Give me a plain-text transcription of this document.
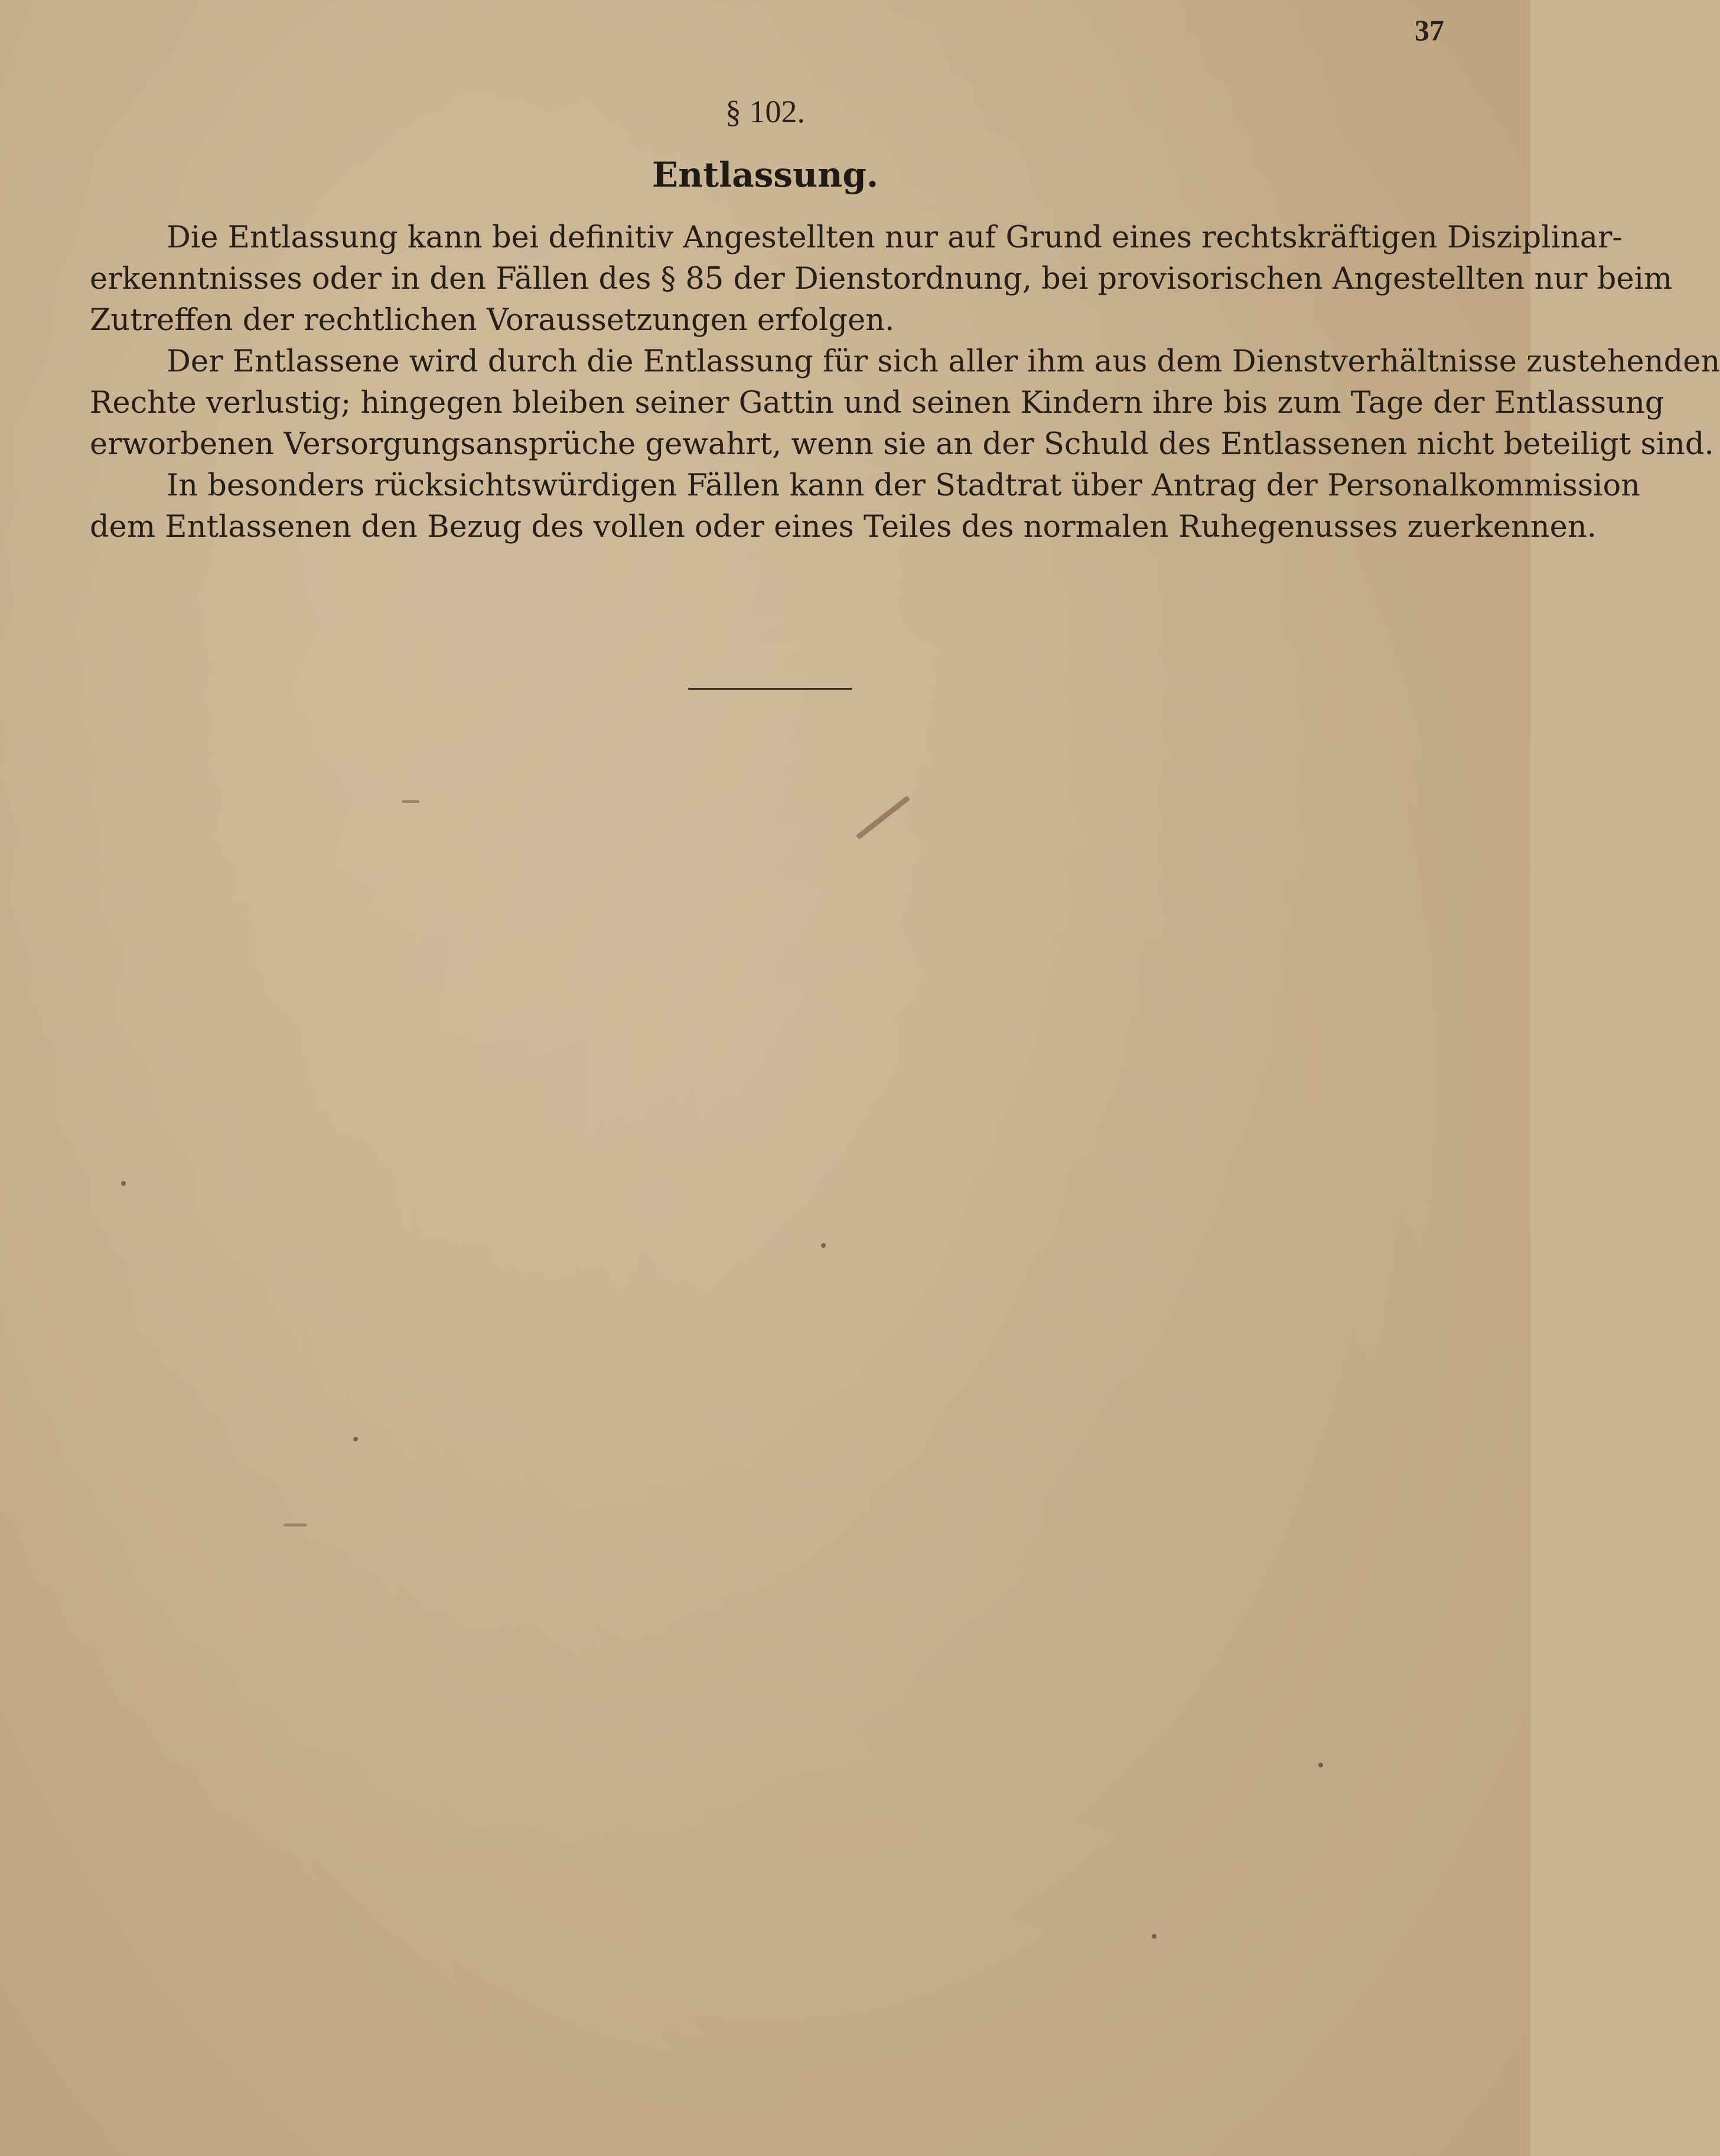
37
§ 102.
Entlassung.
Die Entlassung kann bei definitiv Angestellten nur auf Grund eines rechtskräftigen Disziplinar-
erkenntnisses oder in den Fällen des § 85 der Dienstordnung, bei provisorischen Angestellten nur beim
Zutreffen der rechtlichen Voraussetzungen erfolgen.
Der Entlassene wird durch die Entlassung für sich aller ihm aus dem Dienstverhältnisse zustehenden
Rechte verlustig; hingegen bleiben seiner Gattin und seinen Kindern ihre bis zum Tage der Entlassung
erworbenen Versorgungsansprüche gewahrt, wenn sie an der Schuld des Entlassenen nicht beteiligt sind.
In besonders rücksichtswürdigen Fällen kann der Stadtrat über Antrag der Personalkommission
dem Entlassenen den Bezug des vollen oder eines Teiles des normalen Ruhegenusses zuerkennen.
